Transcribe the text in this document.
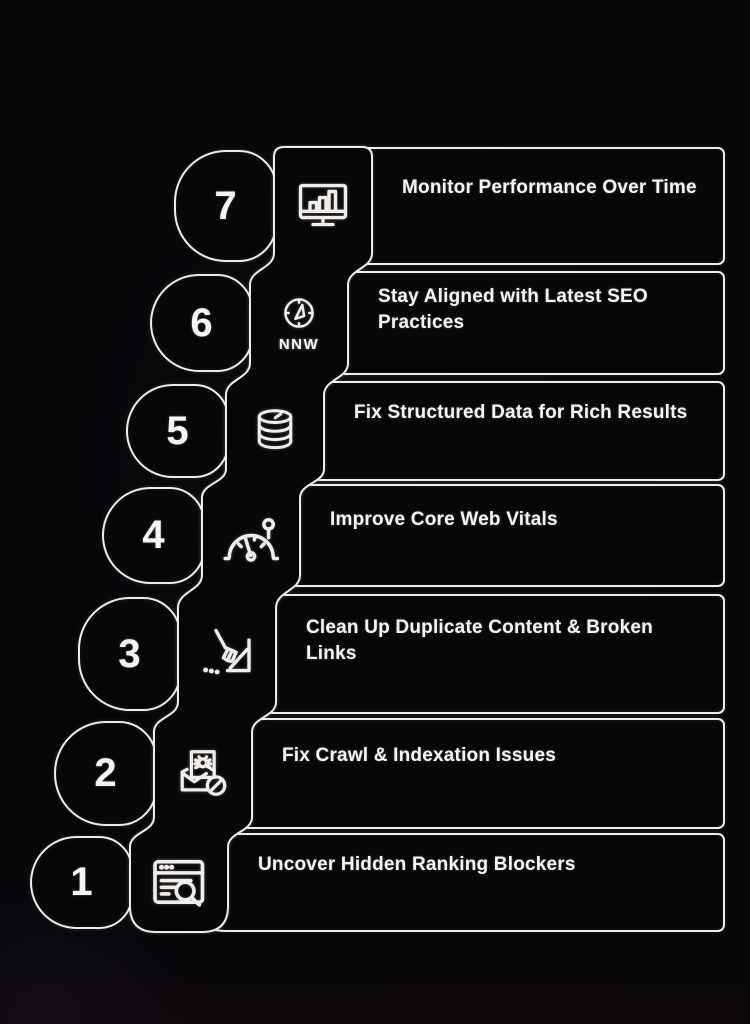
Monitor Performance Over Time
Stay Aligned with Latest SEO Practices
Fix Structured Data for Rich Results
Improve Core Web Vitals
Clean Up Duplicate Content & Broken Links
Fix Crawl & Indexation Issues
Uncover Hidden Ranking Blockers
7
6
5
4
3
2
1
NNW
